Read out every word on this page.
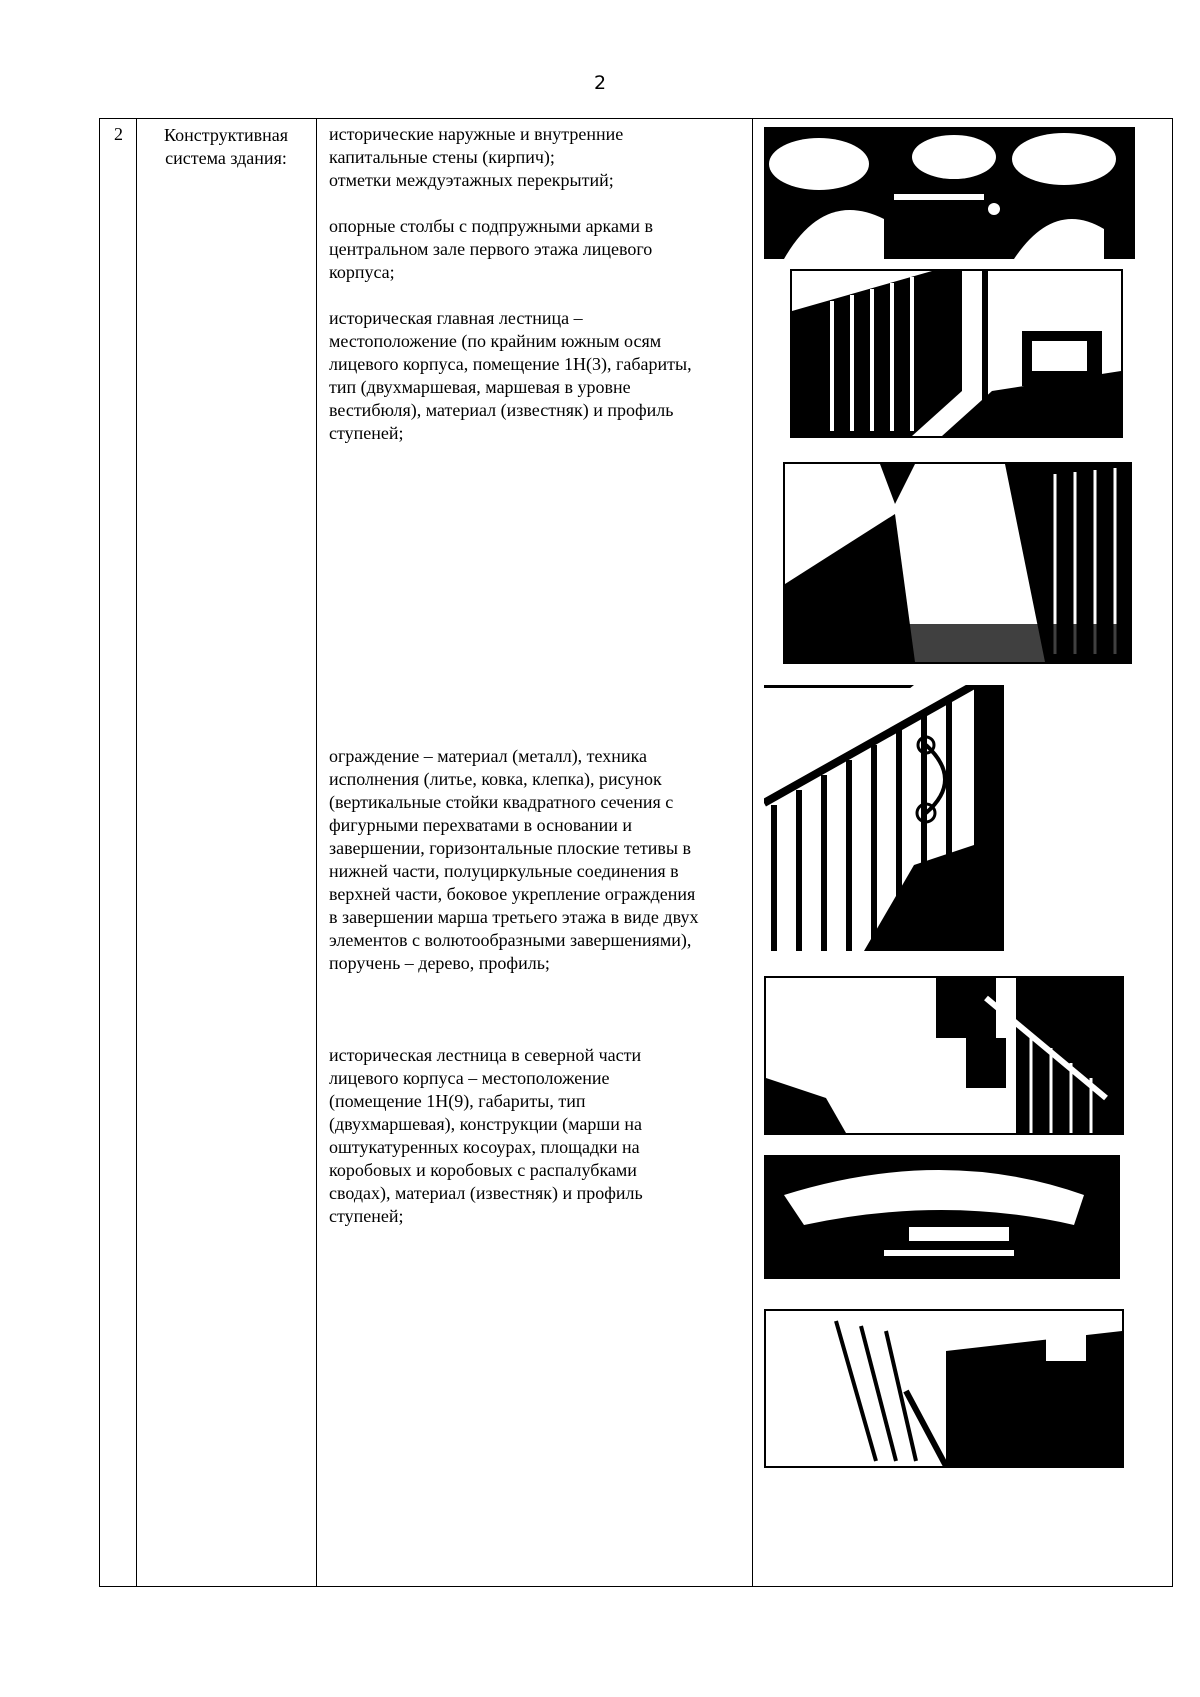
2
2	Конструктивная система здания:
исторические наружные и внутренние
капитальные стены (кирпич);
отметки междуэтажных перекрытий;
опорные столбы с подпружными арками в
центральном зале первого этажа лицевого
корпуса;
историческая главная лестница –
местоположение (по крайним южным осям
лицевого корпуса, помещение 1Н(3), габариты,
тип (двухмаршевая, маршевая в уровне
вестибюля), материал (известняк) и профиль
ступеней;
ограждение – материал (металл), техника
исполнения (литье, ковка, клепка), рисунок
(вертикальные стойки квадратного сечения с
фигурными перехватами в основании и
завершении, горизонтальные плоские тетивы в
нижней части, полуциркульные соединения в
верхней части, боковое укрепление ограждения
в завершении марша третьего этажа в виде двух
элементов с волютообразными завершениями),
поручень – дерево, профиль;
историческая лестница в северной части
лицевого корпуса – местоположение
(помещение 1Н(9), габариты, тип
(двухмаршевая), конструкции (марши на
оштукатуренных косоурах, площадки на
коробовых и коробовых с распалубками
сводах), материал (известняк) и профиль
ступеней;
